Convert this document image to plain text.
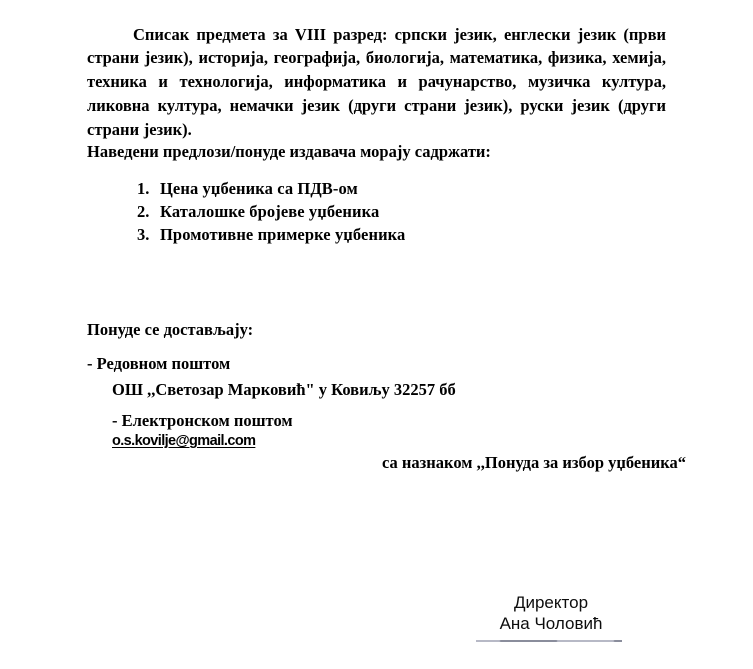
Списак предмета за VIII разред: српски језик, енглески језик (први страни језик), историја, географија, биологија, математика, физика, хемија, техника и технологија, информатика и рачунарство, музичка култура, ликовна култура, немачки језик (други страни језик), руски језик (други страни језик).

Наведени предлози/понуде издавача морају садржати:
1. Цена уџбеника са ПДВ-ом
2. Каталошке бројеве уџбеника
3. Промотивне примерке уџбеника
Понуде се достављају:
- Редовном поштом
ОШ ,,Светозар Марковић" у Ковиљу 32257 бб
- Електронском поштом
o.s.kovilje@gmail.com
са назнаком ,,Понуда за избор уџбеника“
Директор
Ана Чоловић
